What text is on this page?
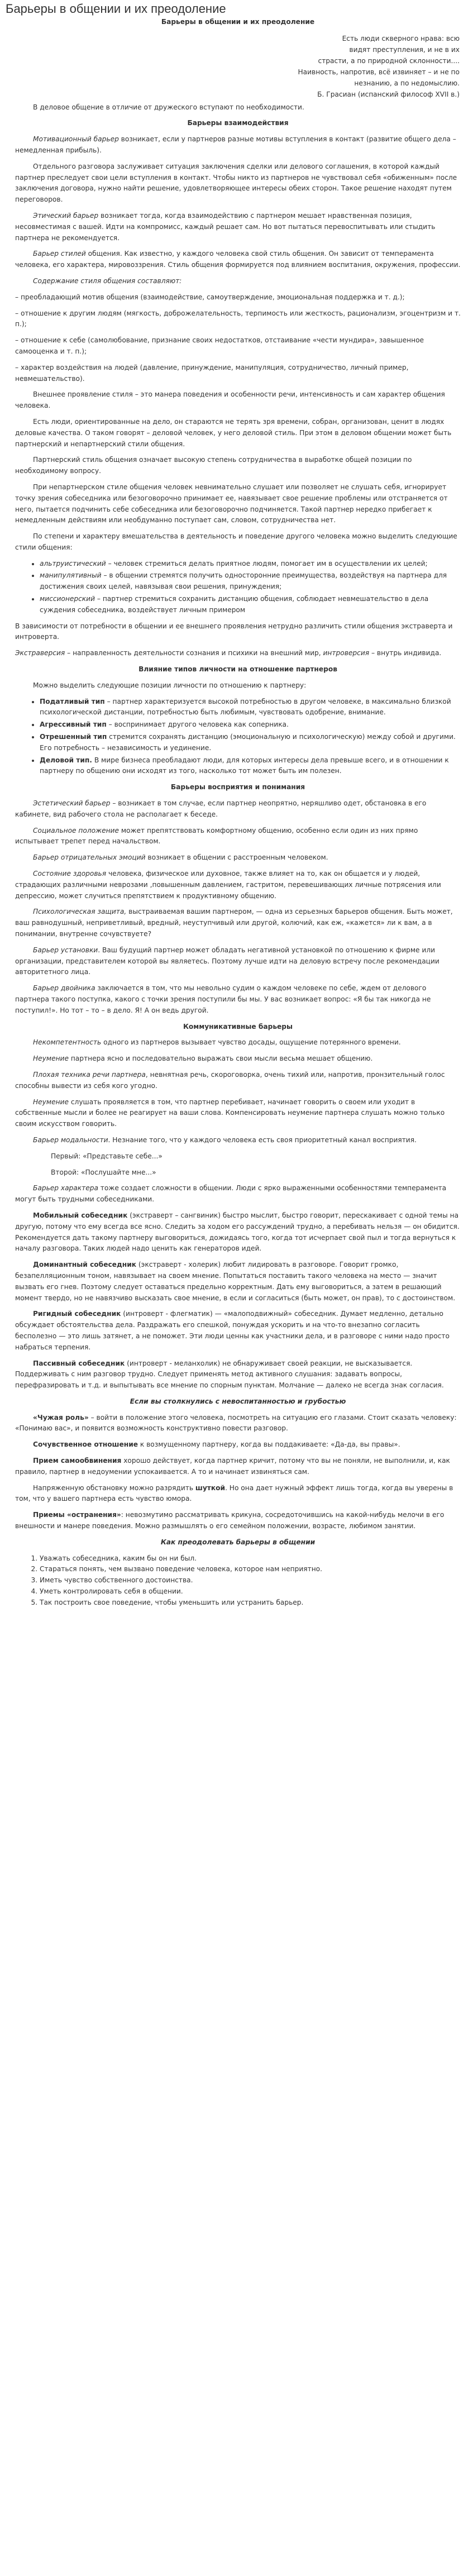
Барьеры в общении и их преодоление

Барьеры в общении и их преодоление

Есть люди скверного нрава: всю
видят преступления, и не в их
страсти, а по природной склонности....
Наивность, напротив, всё извиняет – и не по
незнанию, а по недомыслию.
Б. Грасиан (испанский философ XVII в.)

В деловое общение в отличие от дружеского вступают по необходимости.

Барьеры взаимодействия

Мотивационный барьер возникает, если у партнеров разные мотивы вступления в контакт (развитие общего дела – немедленная прибыль).

Отдельного разговора заслуживает ситуация заключения сделки или делового соглашения, в которой каждый партнер преследует свои цели вступления в контакт. Чтобы никто из партнеров не чувствовал себя «обиженным» после заключения договора, нужно найти решение, удовлетворяющее интересы обеих сторон. Такое решение находят путем переговоров.

Этический барьер возникает тогда, когда взаимодействию с партнером мешает нравственная позиция, несовместимая с вашей. Идти на компромисс, каждый решает сам. Но вот пытаться перевоспитывать или стыдить партнера не рекомендуется.

Барьер стилей общения. Как известно, у каждого человека свой стиль общения. Он зависит от темперамента человека, его характера, мировоззрения. Стиль общения формируется под влиянием воспитания, окружения, профессии.

Содержание стиля общения составляют:

– преобладающий мотив общения (взаимодействие, самоутверждение, эмоциональная поддержка и т. д.);

– отношение к другим людям (мягкость, доброжелательность, терпимость или жесткость, рационализм, эгоцентризм и т. п.);

– отношение к себе (самолюбование, признание своих недостатков, отстаивание «чести мундира», завышенное самооценка и т. п.);

– характер воздействия на людей (давление, принуждение, манипуляция, сотрудничество, личный пример, невмешательство).

Внешнее проявление стиля – это манера поведения и особенности речи, интенсивность и сам характер общения человека.

Есть люди, ориентированные на дело, он стараются не терять зря времени, собран, организован, ценит в людях деловые качества. О таком говорят – деловой человек, у него деловой стиль. При этом в деловом общении может быть партнерский и непартнерский стили общения.

Партнерский стиль общения означает высокую степень сотрудничества в выработке общей позиции по необходимому вопросу.

При непартнерском стиле общения человек невнимательно слушает или позволяет не слушать себя, игнорирует точку зрения собеседника или безоговорочно принимает ее, навязывает свое решение проблемы или отстраняется от него, пытается подчинить себе собеседника или безоговорочно подчиняется. Такой партнер нередко прибегает к немедленным действиям или необдуманно поступает сам, словом, сотрудничества нет.

По степени и характеру вмешательства в деятельность и поведение другого человека можно выделить следующие стили общения:

• альтруистический – человек стремиться делать приятное людям, помогает им в осуществлении их целей;
• манипулятивный – в общении стремятся получить односторонние преимущества, воздействуя на партнера для достижения своих целей, навязывая свои решения, принуждения;
• миссионерский – партнер стремиться сохранить дистанцию общения, соблюдает невмешательство в дела суждения собеседника, воздействует личным примером

В зависимости от потребности в общении и ее внешнего проявления нетрудно различить стили общения экстраверта и интроверта.

Экстраверсия – направленность деятельности сознания и психики на внешний мир, интроверсия – внутрь индивида.

Влияние типов личности на отношение партнеров

Можно выделить следующие позиции личности по отношению к партнеру:

• Податливый тип – партнер характеризуется высокой потребностью в другом человеке, в максимально близкой психологической дистанции, потребностью быть любимым, чувствовать одобрение, внимание.
• Агрессивный тип – воспринимает другого человека как соперника.
• Отрешенный тип стремится сохранять дистанцию (эмоциональную и психологическую) между собой и другими. Его потребность – независимость и уединение.
• Деловой тип. В мире бизнеса преобладают люди, для которых интересы дела превыше всего, и в отношении к партнеру по общению они исходят из того, насколько тот может быть им полезен.
Барьеры восприятия и понимания

Эстетический барьер – возникает в том случае, если партнер неопрятно, неряшливо одет, обстановка в его кабинете, вид рабочего стола не располагает к беседе.

Социальное положение может препятствовать комфортному общению, особенно если один из них прямо испытывает трепет перед начальством.

Барьер отрицательных эмоций возникает в общении с расстроенным человеком.

Состояние здоровья человека, физическое или духовное, также влияет на то, как он общается и у людей, страдающих различными неврозами ,повышенным давлением, гастритом, перевешивающих личные потрясения или депрессию, может случиться препятствием к продуктивному общению.

Психологическая защита, выстраиваемая вашим партнером, — одна из серьезных барьеров общения. Быть может, ваш равнодушный, неприветливый, вредный, неуступчивый или другой, колючий, как еж, «кажется» ли к вам, а в понимании, внутренне сочувствуете?

Барьер установки. Ваш будущий партнер может обладать негативной установкой по отношению к фирме или организации, представителем которой вы являетесь. Поэтому лучше идти на деловую встречу после рекомендации авторитетного лица.

Барьер двойника заключается в том, что мы невольно судим о каждом человеке по себе, ждем от делового партнера такого поступка, какого с точки зрения поступили бы мы. У вас возникает вопрос: «Я бы так никогда не поступил!». Но тот – то – в дело. Я! А он ведь другой.

Коммуникативные барьеры

Некомпетентность одного из партнеров вызывает чувство досады, ощущение потерянного времени.

Неумение партнера ясно и последовательно выражать свои мысли весьма мешает общению.

Плохая техника речи партнера, невнятная речь, скороговорка, очень тихий или, напротив, пронзительный голос способны вывести из себя кого угодно.

Неумение слушать проявляется в том, что партнер перебивает, начинает говорить о своем или уходит в собственные мысли и более не реагирует на ваши слова. Компенсировать неумение партнера слушать можно только своим искусством говорить.

Барьер модальности. Незнание того, что у каждого человека есть своя приоритетный канал восприятия.

Первый: «Представьте себе...»

Второй: «Послушайте мне...»

Барьер характера тоже создает сложности в общении. Люди с ярко выраженными особенностями темперамента могут быть трудными собеседниками.

Мобильный собеседник (экстраверт – сангвиник) быстро мыслит, быстро говорит, перескакивает с одной темы на другую, потому что ему всегда все ясно. Следить за ходом его рассуждений трудно, а перебивать нельзя — он обидится. Рекомендуется дать такому партнеру выговориться, дожидаясь того, когда тот исчерпает свой пыл и тогда вернуться к началу разговора. Таких людей надо ценить как генераторов идей.

Доминантный собеседник (экстраверт - холерик) любит лидировать в разговоре. Говорит громко, безапелляционным тоном, навязывает на своем мнение. Попытаться поставить такого человека на место — значит вызвать его гнев. Поэтому следует оставаться предельно корректным. Дать ему выговориться, а затем в решающий момент твердо, но не навязчиво высказать свое мнение, в если и согласиться (быть может, он прав), то с достоинством.

Ригидный собеседник (интроверт - флегматик) — «малоподвижный» собеседник. Думает медленно, детально обсуждает обстоятельства дела. Раздражать его спешкой, понуждая ускорить и на что-то внезапно согласить бесполезно — это лишь затянет, а не поможет. Эти люди ценны как участники дела, и в разговоре с ними надо просто набраться терпения.

Пассивный собеседник (интроверт - меланхолик) не обнаруживает своей реакции, не высказывается. Поддерживать с ним разговор трудно. Следует применять метод активного слушания: задавать вопросы, перефразировать и т.д. и выпытывать все мнение по спорным пунктам. Молчание — далеко не всегда знак согласия.

Если вы столкнулись с невоспитанностью и грубостью

«Чужая роль» – войти в положение этого человека, посмотреть на ситуацию его глазами. Стоит сказать человеку: «Понимаю вас», и появится возможность конструктивно повести разговор.

Сочувственное отношение к возмущенному партнеру, когда вы поддакиваете: «Да-да, вы правы».

Прием самообвинения хорошо действует, когда партнер кричит, потому что вы не поняли, не выполнили, и, как правило, партнер в недоумении успокаивается. А то и начинает извиняться сам.

Напряженную обстановку можно разрядить шуткой. Но она дает нужный эффект лишь тогда, когда вы уверены в том, что у вашего партнера есть чувство юмора.

Приемы «остранения»: невозмутимо рассматривать крикуна, сосредоточившись на какой-нибудь мелочи в его внешности и манере поведения. Можно размышлять о его семейном положении, возрасте, любимом занятии.

Как преодолевать барьеры в общении
1. Уважать собеседника, каким бы он ни был.
2. Стараться понять, чем вызвано поведение человека, которое нам неприятно.
3. Иметь чувство собственного достоинства.
4. Уметь контролировать себя в общении.
5. Так построить свое поведение, чтобы уменьшить или устранить барьер.
